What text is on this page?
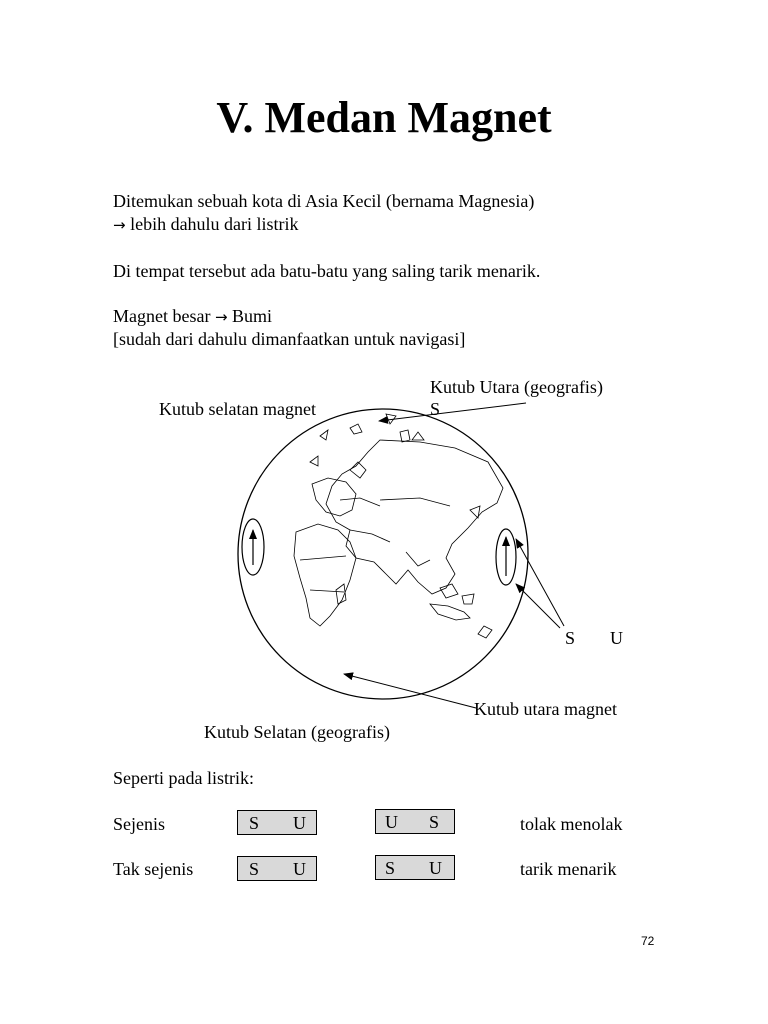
V. Medan Magnet
Ditemukan sebuah kota di Asia Kecil (bernama Magnesia)
→ lebih dahulu dari listrik
Di tempat tersebut ada batu-batu yang saling tarik menarik.
Magnet besar → Bumi
[sudah dari dahulu dimanfaatkan untuk navigasi]
Kutub Utara (geografis)
S
Kutub selatan magnet
S U
Kutub utara magnet
Kutub Selatan (geografis)
Seperti pada listrik:
Sejenis	S U	U S	tolak menolak
Tak sejenis	S U	S U	tarik menarik
72
